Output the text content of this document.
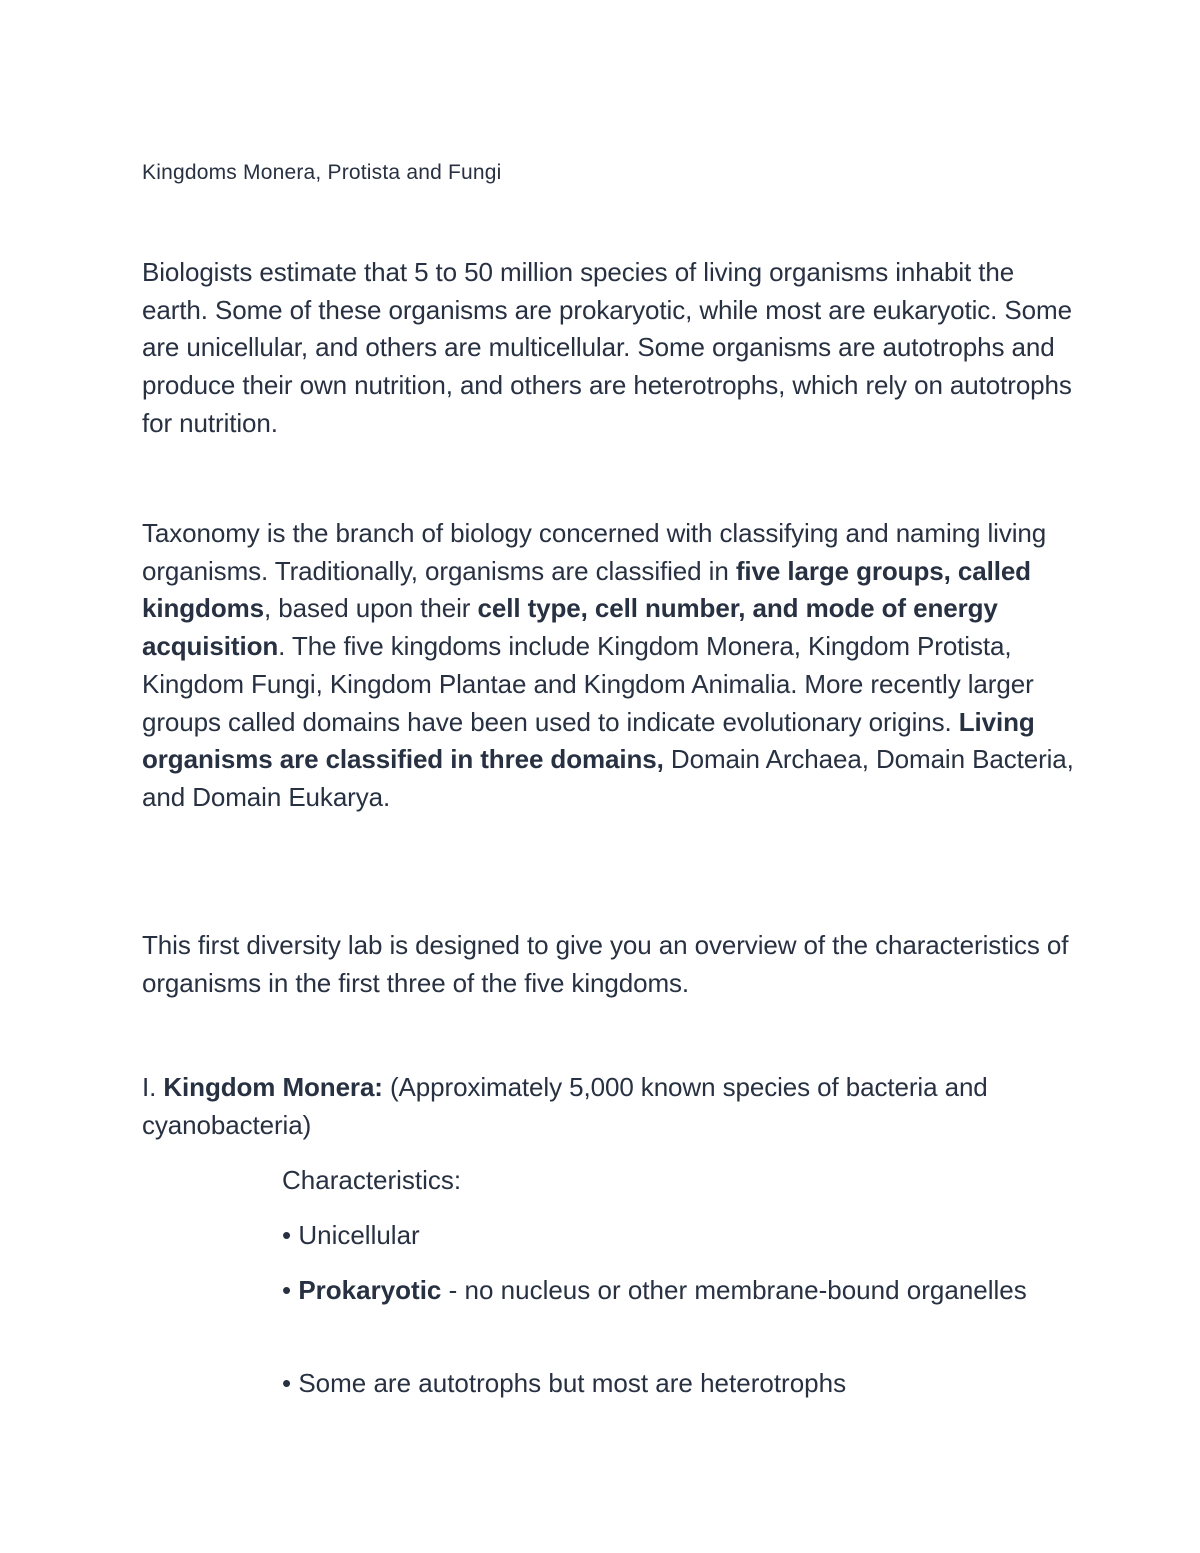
Kingdoms Monera, Protista and Fungi

Biologists estimate that 5 to 50 million species of living organisms inhabit the earth. Some of these organisms are prokaryotic, while most are eukaryotic. Some are unicellular, and others are multicellular. Some organisms are autotrophs and produce their own nutrition, and others are heterotrophs, which rely on autotrophs for nutrition.

Taxonomy is the branch of biology concerned with classifying and naming living organisms. Traditionally, organisms are classified in five large groups, called kingdoms, based upon their cell type, cell number, and mode of energy acquisition. The five kingdoms include Kingdom Monera, Kingdom Protista, Kingdom Fungi, Kingdom Plantae and Kingdom Animalia. More recently larger groups called domains have been used to indicate evolutionary origins. Living organisms are classified in three domains, Domain Archaea, Domain Bacteria, and Domain Eukarya.

This first diversity lab is designed to give you an overview of the characteristics of organisms in the first three of the five kingdoms.

I. Kingdom Monera: (Approximately 5,000 known species of bacteria and cyanobacteria)

Characteristics:

• Unicellular

• Prokaryotic - no nucleus or other membrane-bound organelles

• Some are autotrophs but most are heterotrophs
